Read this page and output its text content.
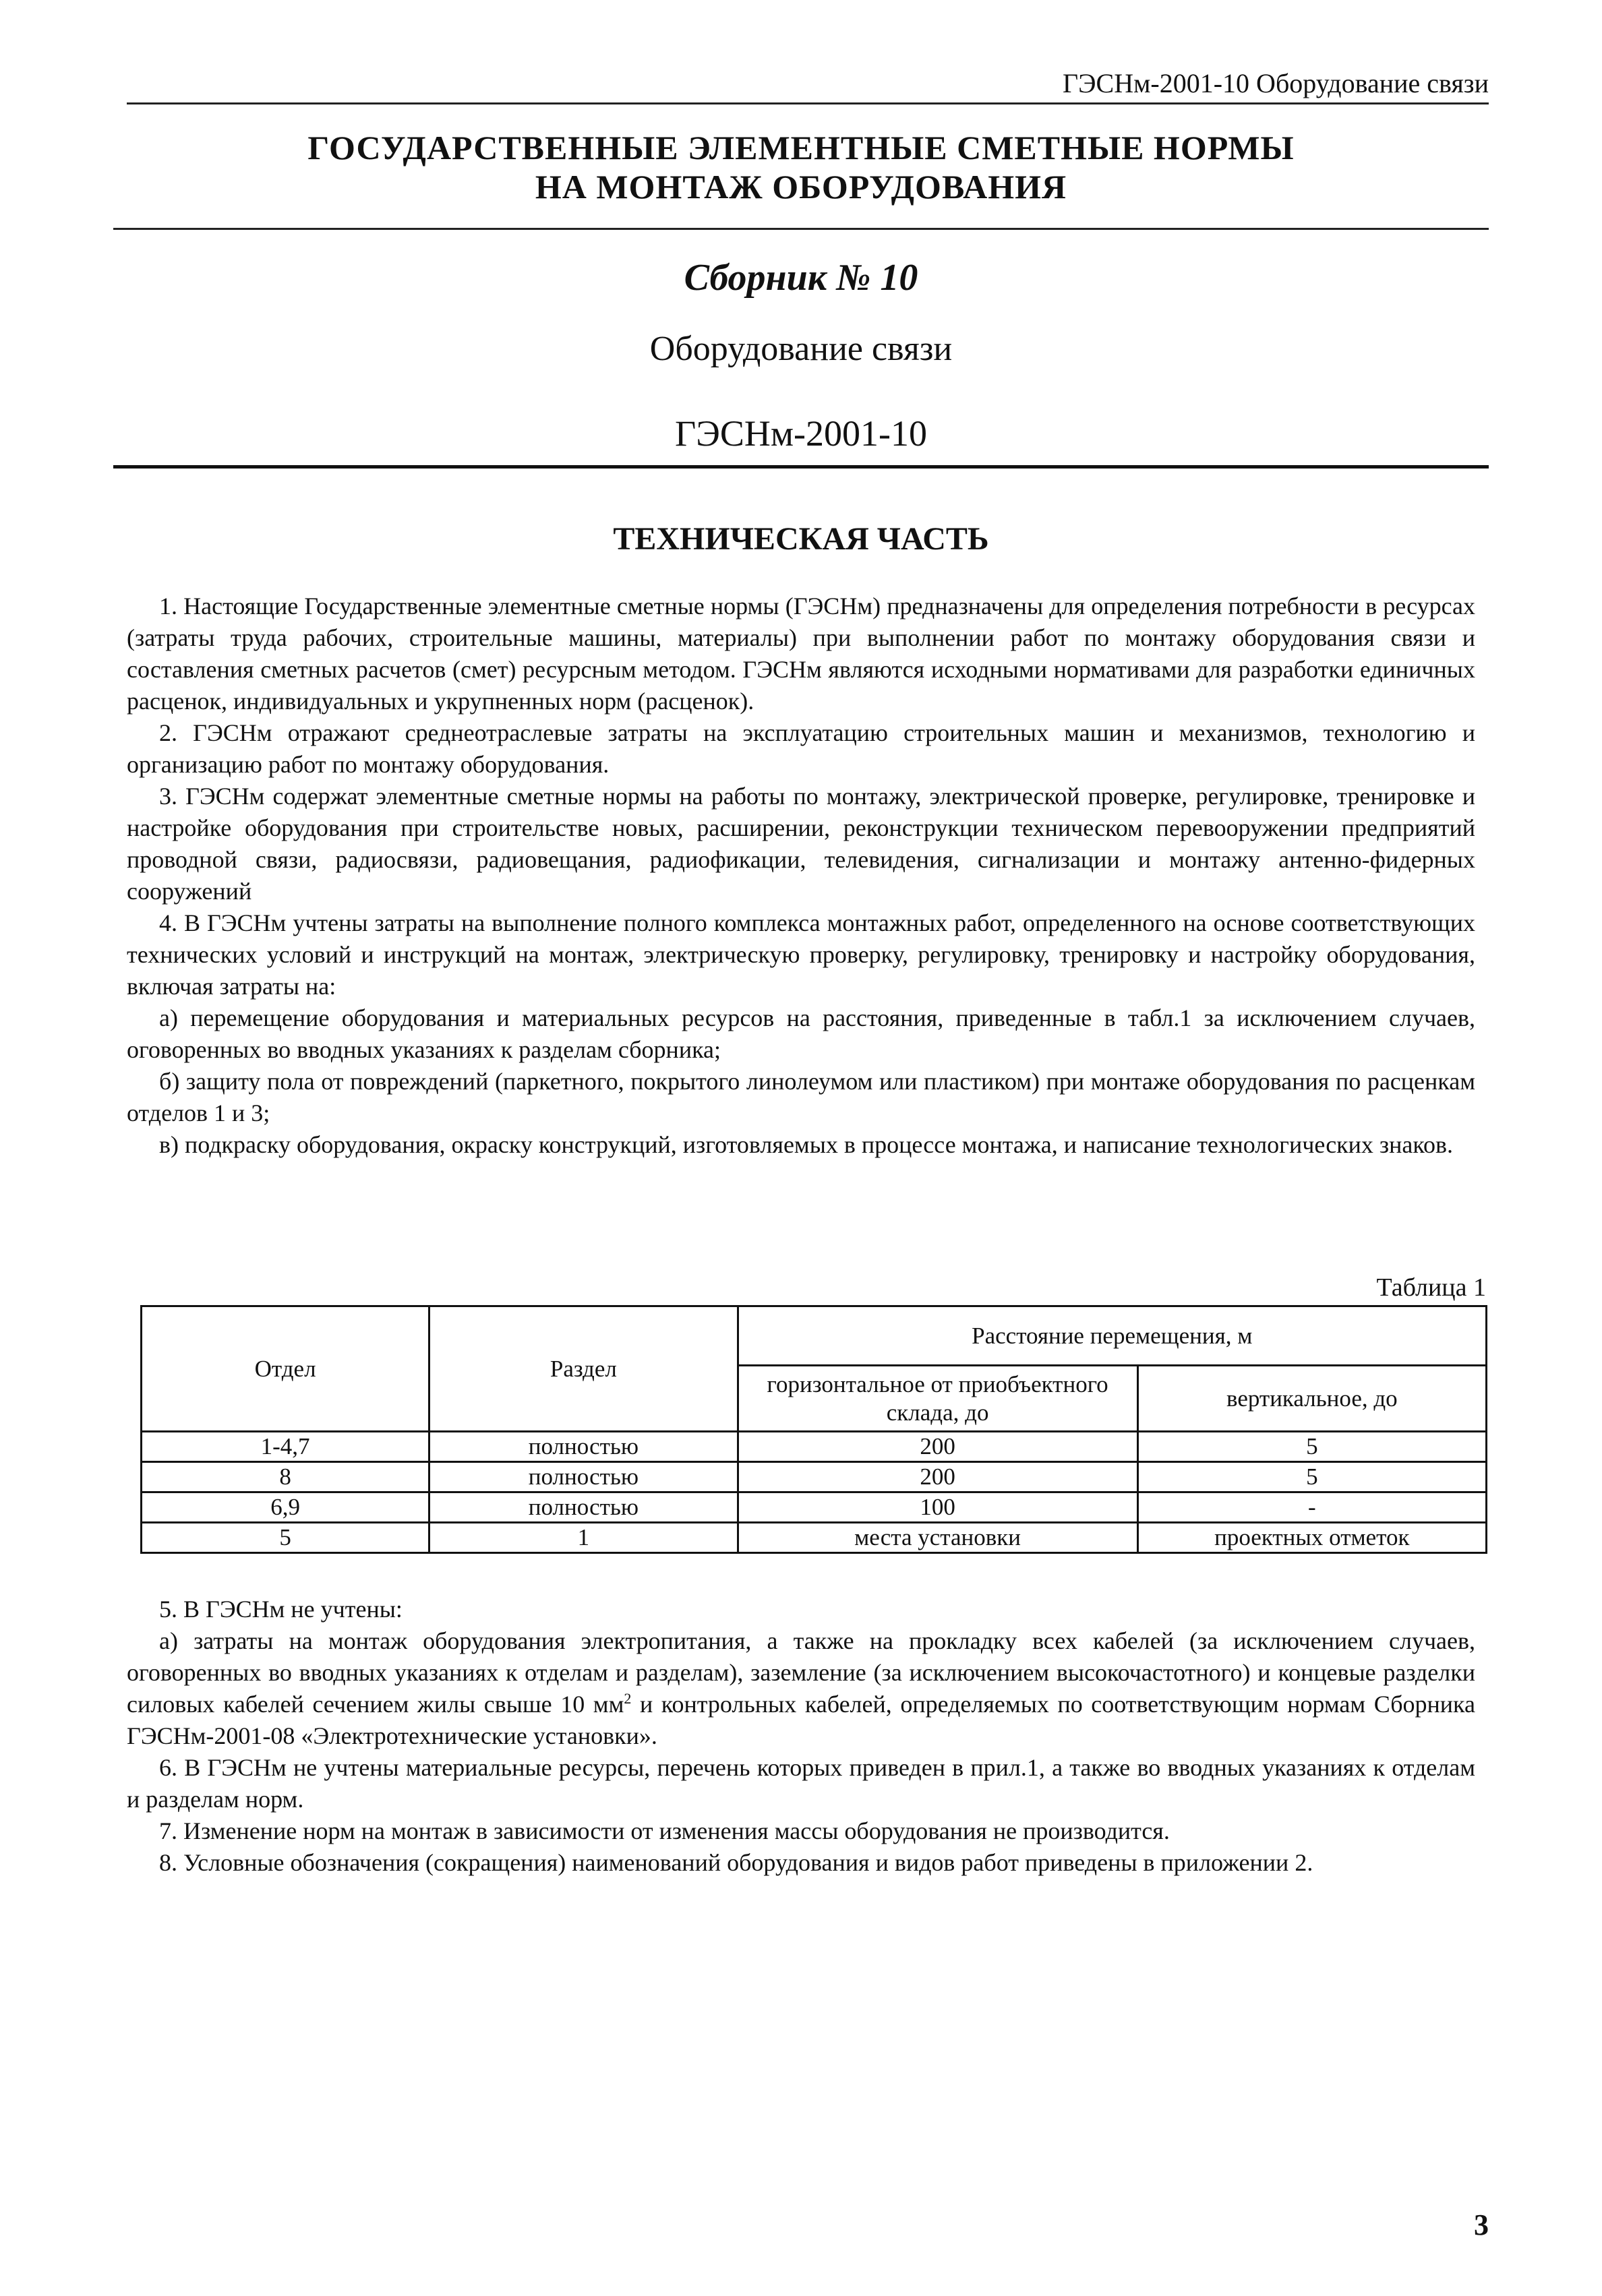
ГЭСНм-2001-10 Оборудование связи
ГОСУДАРСТВЕННЫЕ ЭЛЕМЕНТНЫЕ СМЕТНЫЕ НОРМЫ
НА МОНТАЖ ОБОРУДОВАНИЯ
Сборник № 10
Оборудование связи
ГЭСНм-2001-10
ТЕХНИЧЕСКАЯ ЧАСТЬ

1. Настоящие Государственные элементные сметные нормы (ГЭСНм) предназначены для определения потребности в ресурсах (затраты труда рабочих, строительные машины, материалы) при выполнении работ по монтажу оборудования связи и составления сметных расчетов (смет) ресурсным методом. ГЭСНм являются исходными нормативами для разработки единичных расценок, индивидуальных и укрупненных норм (расценок).

2. ГЭСНм отражают среднеотраслевые затраты на эксплуатацию строительных машин и механизмов, технологию и организацию работ по монтажу оборудования.

3. ГЭСНм содержат элементные сметные нормы на работы по монтажу, электрической проверке, регулировке, тренировке и настройке оборудования при строительстве новых, расширении, реконструкции техническом перевооружении предприятий проводной связи, радиосвязи, радиовещания, радиофикации, телевидения, сигнализации и монтажу антенно-фидерных сооружений

4. В ГЭСНм учтены затраты на выполнение полного комплекса монтажных работ, определенного на основе соответствующих технических условий и инструкций на монтаж, электрическую проверку, регулировку, тренировку и настройку оборудования, включая затраты на:

а) перемещение оборудования и материальных ресурсов на расстояния, приведенные в табл.1 за исключением случаев, оговоренных во вводных указаниях к разделам сборника;

б) защиту пола от повреждений (паркетного, покрытого линолеумом или пластиком) при монтаже оборудования по расценкам отделов 1 и 3;

в) подкраску оборудования, окраску конструкций, изготовляемых в процессе монтажа, и написание технологических знаков.

Таблица 1
Отдел	Раздел	Расстояние перемещения, м	
		горизонтальное от приобъектного склада, до	вертикальное, до
1-4,7	полностью	200	5
8	полностью	200	5
6,9	полностью	100	-
5	1	места установки	проектных отметок

5. В ГЭСНм не учтены:

а) затраты на монтаж оборудования электропитания, а также на прокладку всех кабелей (за исключением случаев, оговоренных во вводных указаниях к отделам и разделам), заземление (за исключением высокочастотного) и концевые разделки силовых кабелей сечением жилы свыше 10 $мм^2$ и контрольных кабелей, определяемых по соответствующим нормам Сборника ГЭСНм-2001-08 «Электротехнические установки».

6. В ГЭСНм не учтены материальные ресурсы, перечень которых приведен в прил.1, а также во вводных указаниях к отделам и разделам норм.

7. Изменение норм на монтаж в зависимости от изменения массы оборудования не производится.

8. Условные обозначения (сокращения) наименований оборудования и видов работ приведены в приложении 2.

3
